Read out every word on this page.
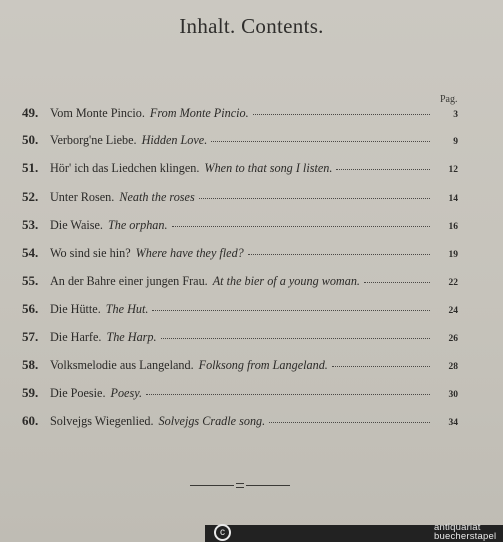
Inhalt. Contents.
Pag.
49. Vom Monte Pincio. From Monte Pincio.	3
50. Verborg'ne Liebe. Hidden Love.	9
51. Hör' ich das Liedchen klingen. When to that song I listen.	12
52. Unter Rosen. Neath the roses	14
53. Die Waise. The orphan.	16
54. Wo sind sie hin? Where have they fled?	19
55. An der Bahre einer jungen Frau. At the bier of a young woman.	22
56. Die Hütte. The Hut.	24
57. Die Harfe. The Harp.	26
58. Volksmelodie aus Langeland. Folksong from Langeland.	28
59. Die Poesie. Poesy.	30
60. Solvejgs Wiegenlied. Solvejgs Cradle song.	34
c	antiquariat
buecherstapel
